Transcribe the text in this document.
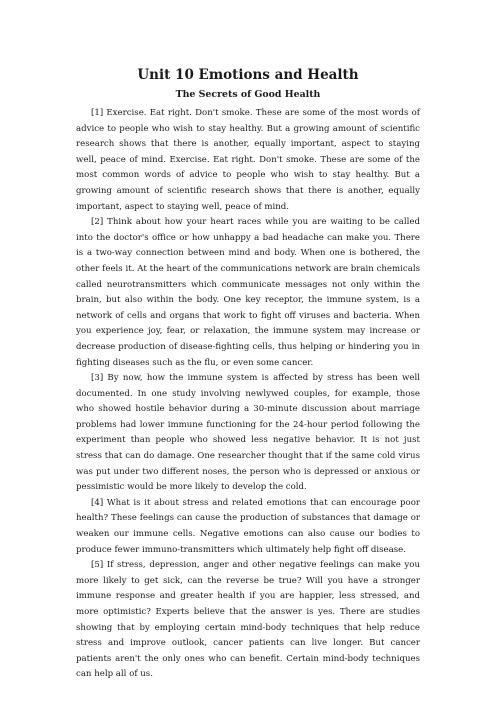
Unit 10 Emotions and Health
The Secrets of Good Health

[1] Exercise. Eat right. Don't smoke. These are some of the most words of advice to people who wish to stay healthy. But a growing amount of scientific research shows that there is another, equally important, aspect to staying well, peace of mind. Exercise. Eat right. Don't smoke. These are some of the most common words of advice to people who wish to stay healthy. But a growing amount of scientific research shows that there is another, equally important, aspect to staying well, peace of mind.

[2] Think about how your heart races while you are waiting to be called into the doctor's office or how unhappy a bad headache can make you. There is a two-way connection between mind and body. When one is bothered, the other feels it. At the heart of the communications network are brain chemicals called neurotransmitters which communicate messages not only within the brain, but also within the body. One key receptor, the immune system, is a network of cells and organs that work to fight off viruses and bacteria. When you experience joy, fear, or relaxation, the immune system may increase or decrease production of disease-fighting cells, thus helping or hindering you in fighting diseases such as the flu, or even some cancer.

[3] By now, how the immune system is affected by stress has been well documented. In one study involving newlywed couples, for example, those who showed hostile behavior during a 30-minute discussion about marriage problems had lower immune functioning for the 24-hour period following the experiment than people who showed less negative behavior. It is not just stress that can do damage. One researcher thought that if the same cold virus was put under two different noses, the person who is depressed or anxious or pessimistic would be more likely to develop the cold.

[4] What is it about stress and related emotions that can encourage poor health? These feelings can cause the production of substances that damage or weaken our immune cells. Negative emotions can also cause our bodies to produce fewer immuno-transmitters which ultimately help fight off disease.

[5] If stress, depression, anger and other negative feelings can make you more likely to get sick, can the reverse be true? Will you have a stronger immune response and greater health if you are happier, less stressed, and more optimistic? Experts believe that the answer is yes. There are studies showing that by employing certain mind-body techniques that help reduce stress and improve outlook, cancer patients can live longer. But cancer patients aren't the only ones who can benefit. Certain mind-body techniques can help all of us.
